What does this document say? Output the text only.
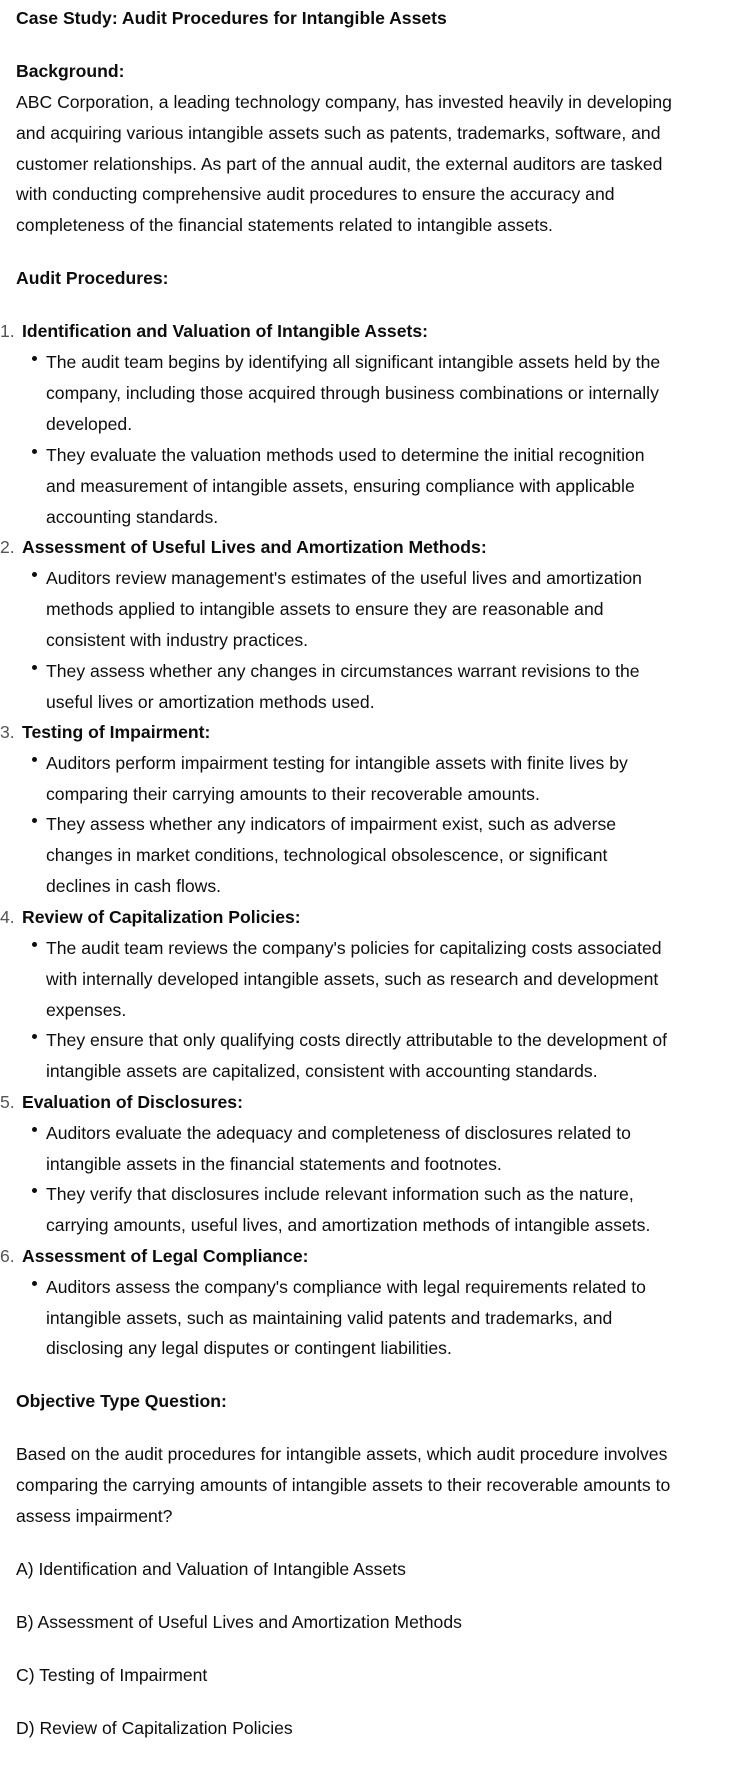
Case Study: Audit Procedures for Intangible Assets
Background:
ABC Corporation, a leading technology company, has invested heavily in developing
and acquiring various intangible assets such as patents, trademarks, software, and
customer relationships. As part of the annual audit, the external auditors are tasked
with conducting comprehensive audit procedures to ensure the accuracy and
completeness of the financial statements related to intangible assets.
Audit Procedures:
1. Identification and Valuation of Intangible Assets:
The audit team begins by identifying all significant intangible assets held by the
company, including those acquired through business combinations or internally
developed.
They evaluate the valuation methods used to determine the initial recognition
and measurement of intangible assets, ensuring compliance with applicable
accounting standards.
2. Assessment of Useful Lives and Amortization Methods:
Auditors review management's estimates of the useful lives and amortization
methods applied to intangible assets to ensure they are reasonable and
consistent with industry practices.
They assess whether any changes in circumstances warrant revisions to the
useful lives or amortization methods used.
3. Testing of Impairment:
Auditors perform impairment testing for intangible assets with finite lives by
comparing their carrying amounts to their recoverable amounts.
They assess whether any indicators of impairment exist, such as adverse
changes in market conditions, technological obsolescence, or significant
declines in cash flows.
4. Review of Capitalization Policies:
The audit team reviews the company's policies for capitalizing costs associated
with internally developed intangible assets, such as research and development
expenses.
They ensure that only qualifying costs directly attributable to the development of
intangible assets are capitalized, consistent with accounting standards.
5. Evaluation of Disclosures:
Auditors evaluate the adequacy and completeness of disclosures related to
intangible assets in the financial statements and footnotes.
They verify that disclosures include relevant information such as the nature,
carrying amounts, useful lives, and amortization methods of intangible assets.
6. Assessment of Legal Compliance:
Auditors assess the company's compliance with legal requirements related to
intangible assets, such as maintaining valid patents and trademarks, and
disclosing any legal disputes or contingent liabilities.
Objective Type Question:
Based on the audit procedures for intangible assets, which audit procedure involves
comparing the carrying amounts of intangible assets to their recoverable amounts to
assess impairment?
A) Identification and Valuation of Intangible Assets
B) Assessment of Useful Lives and Amortization Methods
C) Testing of Impairment
D) Review of Capitalization Policies
